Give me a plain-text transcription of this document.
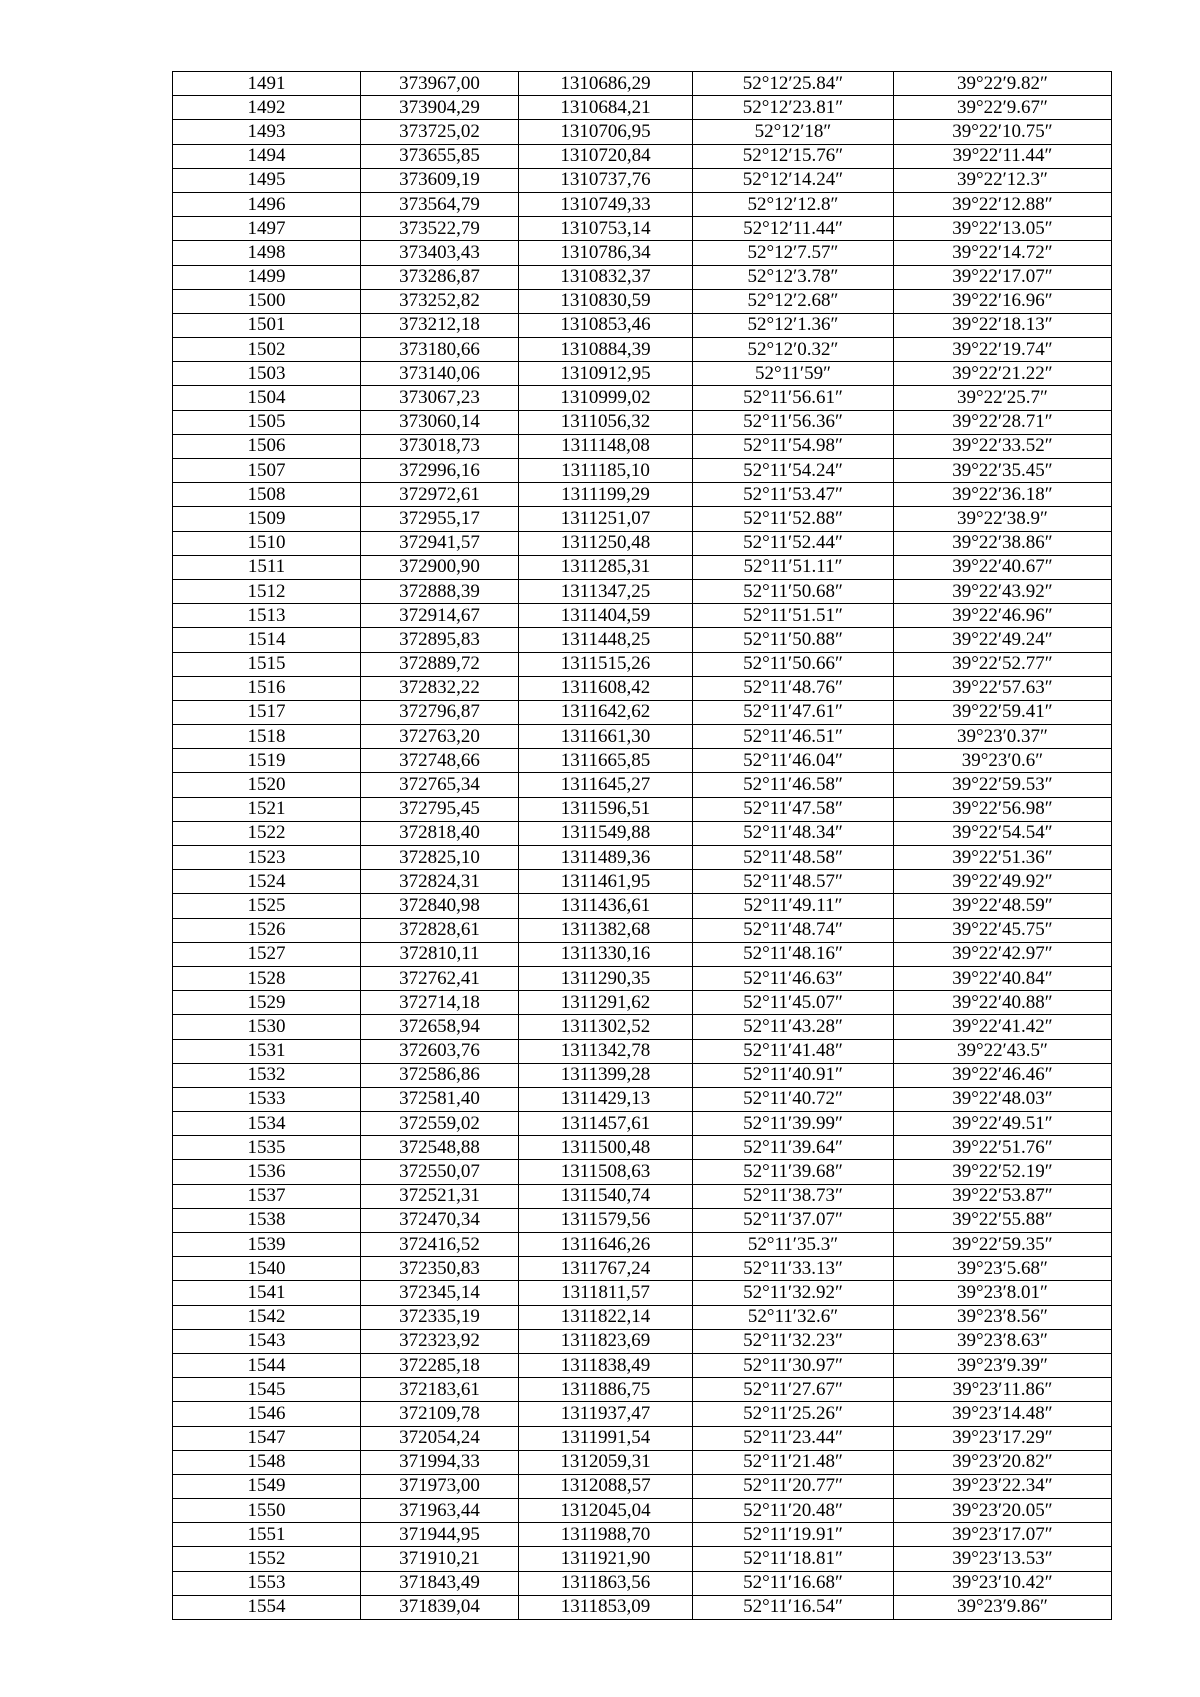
1491	373967,00	1310686,29	52°12′25.84″	39°22′9.82″
1492	373904,29	1310684,21	52°12′23.81″	39°22′9.67″
1493	373725,02	1310706,95	52°12′18″	39°22′10.75″
1494	373655,85	1310720,84	52°12′15.76″	39°22′11.44″
1495	373609,19	1310737,76	52°12′14.24″	39°22′12.3″
1496	373564,79	1310749,33	52°12′12.8″	39°22′12.88″
1497	373522,79	1310753,14	52°12′11.44″	39°22′13.05″
1498	373403,43	1310786,34	52°12′7.57″	39°22′14.72″
1499	373286,87	1310832,37	52°12′3.78″	39°22′17.07″
1500	373252,82	1310830,59	52°12′2.68″	39°22′16.96″
1501	373212,18	1310853,46	52°12′1.36″	39°22′18.13″
1502	373180,66	1310884,39	52°12′0.32″	39°22′19.74″
1503	373140,06	1310912,95	52°11′59″	39°22′21.22″
1504	373067,23	1310999,02	52°11′56.61″	39°22′25.7″
1505	373060,14	1311056,32	52°11′56.36″	39°22′28.71″
1506	373018,73	1311148,08	52°11′54.98″	39°22′33.52″
1507	372996,16	1311185,10	52°11′54.24″	39°22′35.45″
1508	372972,61	1311199,29	52°11′53.47″	39°22′36.18″
1509	372955,17	1311251,07	52°11′52.88″	39°22′38.9″
1510	372941,57	1311250,48	52°11′52.44″	39°22′38.86″
1511	372900,90	1311285,31	52°11′51.11″	39°22′40.67″
1512	372888,39	1311347,25	52°11′50.68″	39°22′43.92″
1513	372914,67	1311404,59	52°11′51.51″	39°22′46.96″
1514	372895,83	1311448,25	52°11′50.88″	39°22′49.24″
1515	372889,72	1311515,26	52°11′50.66″	39°22′52.77″
1516	372832,22	1311608,42	52°11′48.76″	39°22′57.63″
1517	372796,87	1311642,62	52°11′47.61″	39°22′59.41″
1518	372763,20	1311661,30	52°11′46.51″	39°23′0.37″
1519	372748,66	1311665,85	52°11′46.04″	39°23′0.6″
1520	372765,34	1311645,27	52°11′46.58″	39°22′59.53″
1521	372795,45	1311596,51	52°11′47.58″	39°22′56.98″
1522	372818,40	1311549,88	52°11′48.34″	39°22′54.54″
1523	372825,10	1311489,36	52°11′48.58″	39°22′51.36″
1524	372824,31	1311461,95	52°11′48.57″	39°22′49.92″
1525	372840,98	1311436,61	52°11′49.11″	39°22′48.59″
1526	372828,61	1311382,68	52°11′48.74″	39°22′45.75″
1527	372810,11	1311330,16	52°11′48.16″	39°22′42.97″
1528	372762,41	1311290,35	52°11′46.63″	39°22′40.84″
1529	372714,18	1311291,62	52°11′45.07″	39°22′40.88″
1530	372658,94	1311302,52	52°11′43.28″	39°22′41.42″
1531	372603,76	1311342,78	52°11′41.48″	39°22′43.5″
1532	372586,86	1311399,28	52°11′40.91″	39°22′46.46″
1533	372581,40	1311429,13	52°11′40.72″	39°22′48.03″
1534	372559,02	1311457,61	52°11′39.99″	39°22′49.51″
1535	372548,88	1311500,48	52°11′39.64″	39°22′51.76″
1536	372550,07	1311508,63	52°11′39.68″	39°22′52.19″
1537	372521,31	1311540,74	52°11′38.73″	39°22′53.87″
1538	372470,34	1311579,56	52°11′37.07″	39°22′55.88″
1539	372416,52	1311646,26	52°11′35.3″	39°22′59.35″
1540	372350,83	1311767,24	52°11′33.13″	39°23′5.68″
1541	372345,14	1311811,57	52°11′32.92″	39°23′8.01″
1542	372335,19	1311822,14	52°11′32.6″	39°23′8.56″
1543	372323,92	1311823,69	52°11′32.23″	39°23′8.63″
1544	372285,18	1311838,49	52°11′30.97″	39°23′9.39″
1545	372183,61	1311886,75	52°11′27.67″	39°23′11.86″
1546	372109,78	1311937,47	52°11′25.26″	39°23′14.48″
1547	372054,24	1311991,54	52°11′23.44″	39°23′17.29″
1548	371994,33	1312059,31	52°11′21.48″	39°23′20.82″
1549	371973,00	1312088,57	52°11′20.77″	39°23′22.34″
1550	371963,44	1312045,04	52°11′20.48″	39°23′20.05″
1551	371944,95	1311988,70	52°11′19.91″	39°23′17.07″
1552	371910,21	1311921,90	52°11′18.81″	39°23′13.53″
1553	371843,49	1311863,56	52°11′16.68″	39°23′10.42″
1554	371839,04	1311853,09	52°11′16.54″	39°23′9.86″
